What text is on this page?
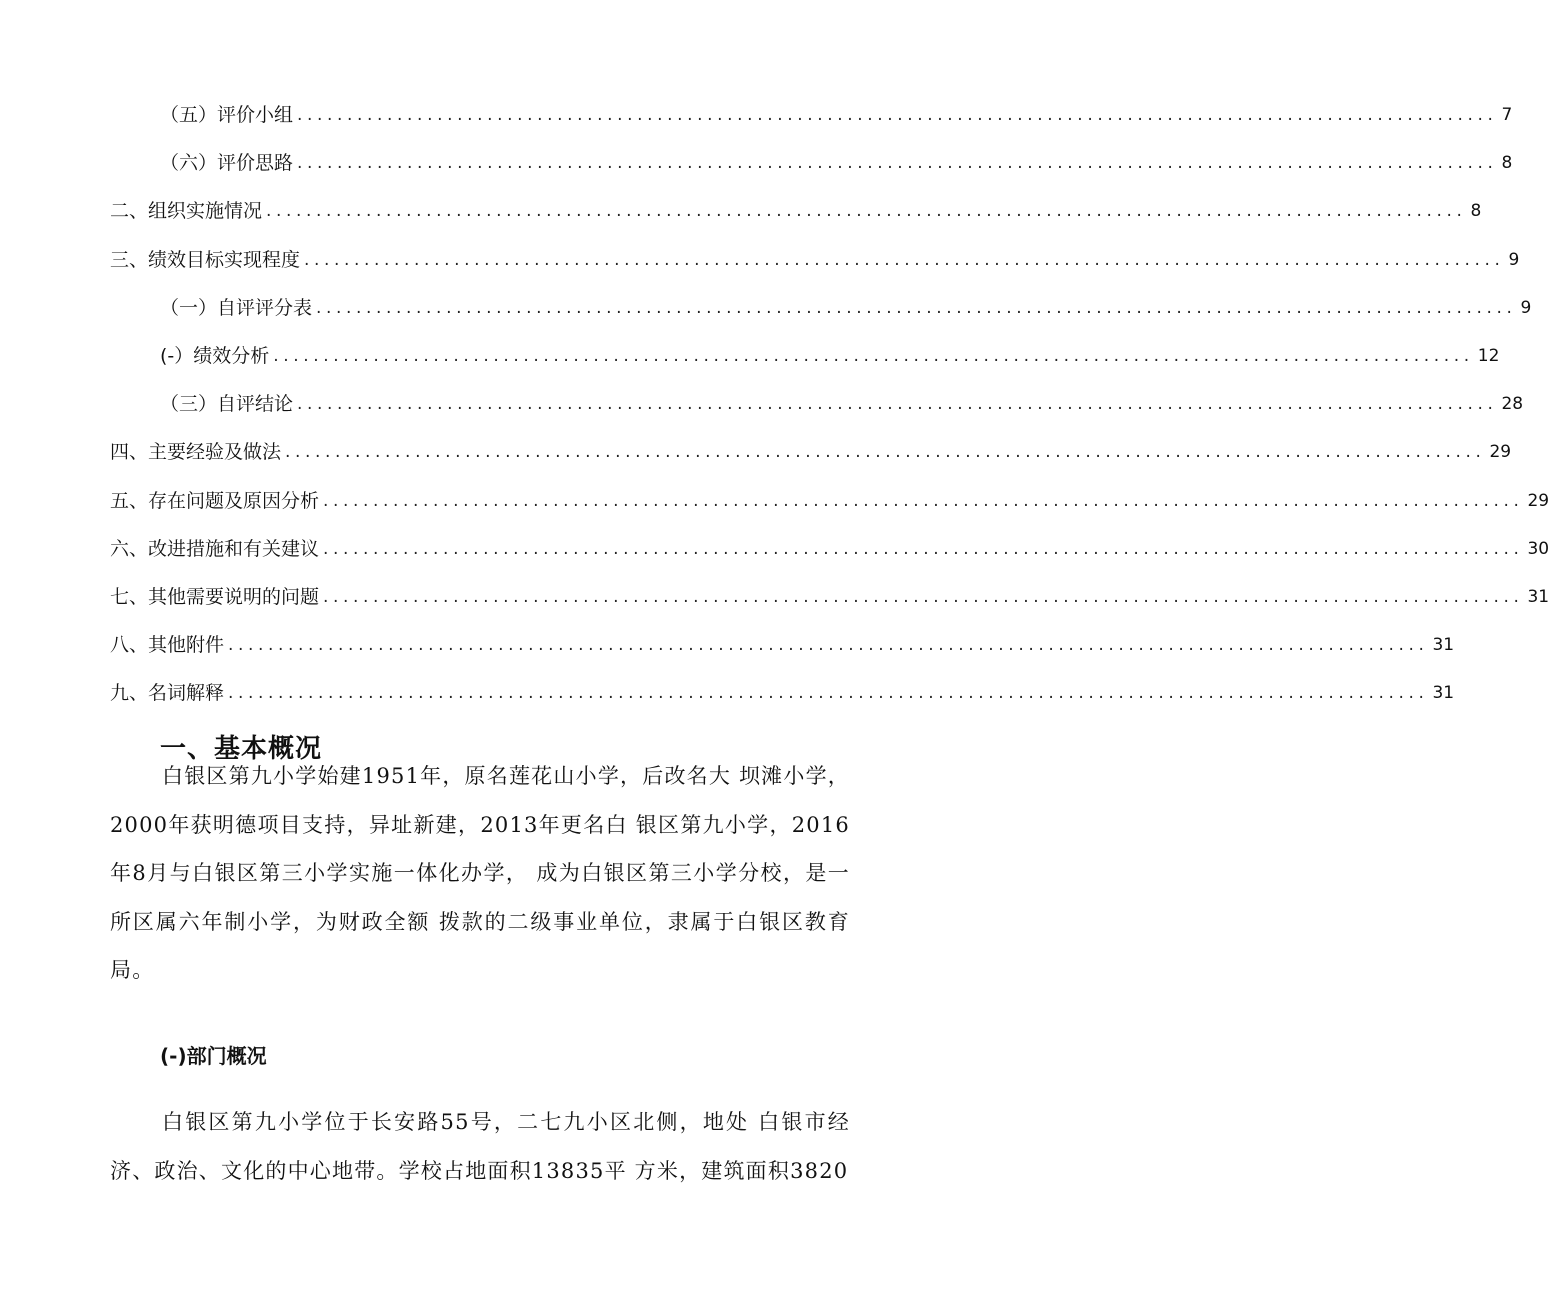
（五）评价小组 ........................................................................................................................ 7
（六）评价思路 ........................................................................................................................ 8
二、组织实施情况 ........................................................................................................................ 8
三、绩效目标实现程度 ........................................................................................................................ 9
（一）自评评分表 ........................................................................................................................ 9
(-）绩效分析 ........................................................................................................................ 12
（三）自评结论 ........................................................................................................................ 28
四、主要经验及做法 ........................................................................................................................ 29
五、存在问题及原因分析 ........................................................................................................................ 29
六、改进措施和有关建议 ........................................................................................................................ 30
七、其他需要说明的问题 ........................................................................................................................ 31
八、其他附件 ........................................................................................................................ 31
九、名词解释 ........................................................................................................................ 31
一、基本概况

白银区第九小学始建1951年，原名莲花山小学，后改名大 坝滩小学，2000年获明德项目支持，异址新建，2013年更名白 银区第九小学，2016年8月与白银区第三小学实施一体化办学， 成为白银区第三小学分校，是一所区属六年制小学，为财政全额 拨款的二级事业单位，隶属于白银区教育局。

(-)部门概况

白银区第九小学位于长安路55号，二七九小区北侧，地处 白银市经济、政治、文化的中心地带。学校占地面积13835平 方米，建筑面积3820
